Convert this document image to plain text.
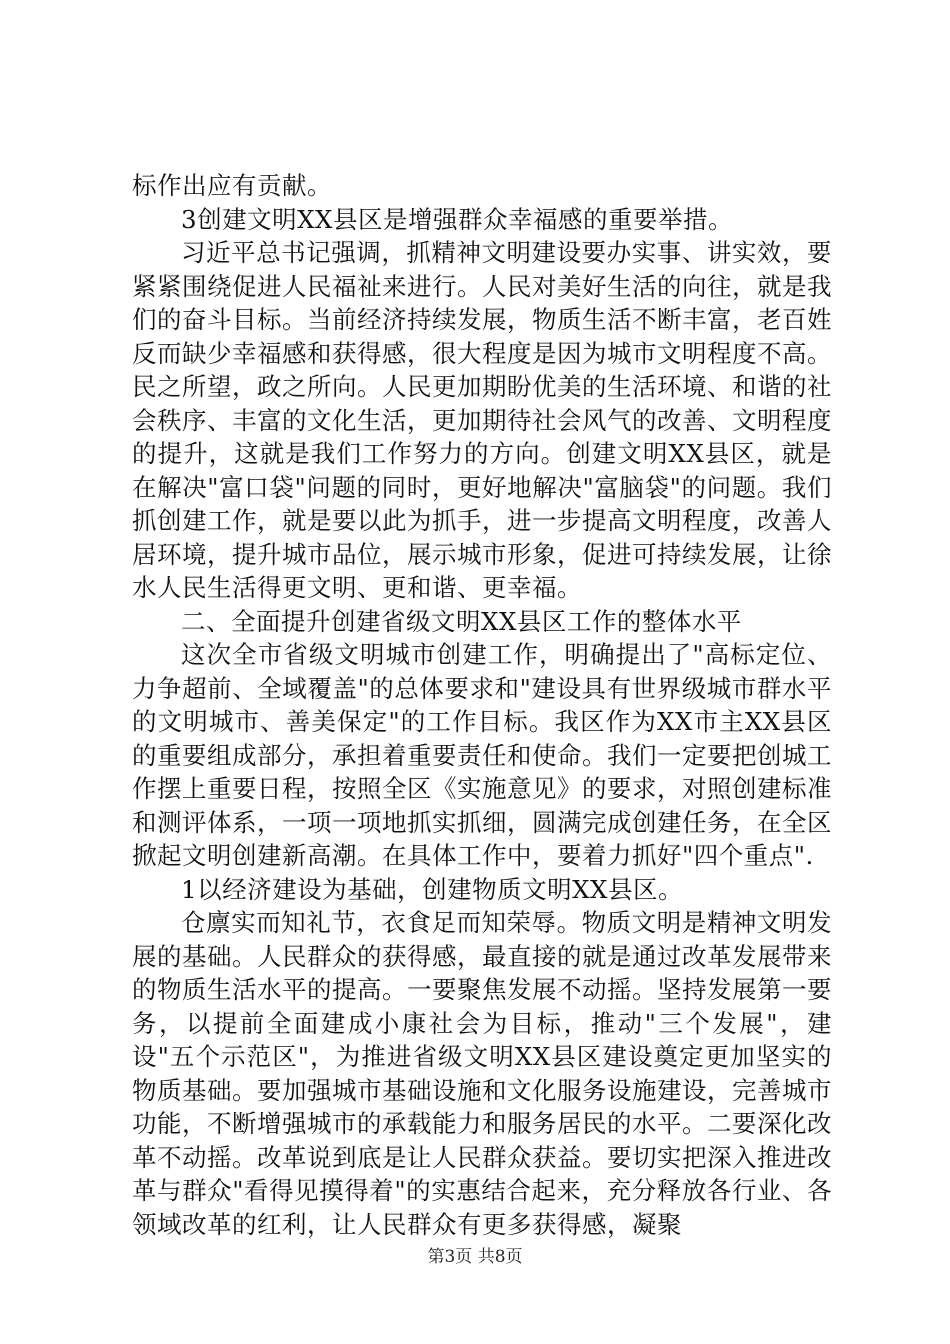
标作出应有贡献。

3创建文明XX县区是增强群众幸福感的重要举措。

习近平总书记强调，抓精神文明建设要办实事、讲实效，要紧紧围绕促进人民福祉来进行。人民对美好生活的向往，就是我们的奋斗目标。当前经济持续发展，物质生活不断丰富，老百姓反而缺少幸福感和获得感，很大程度是因为城市文明程度不高。民之所望，政之所向。人民更加期盼优美的生活环境、和谐的社会秩序、丰富的文化生活，更加期待社会风气的改善、文明程度的提升，这就是我们工作努力的方向。创建文明XX县区，就是在解决"富口袋"问题的同时，更好地解决"富脑袋"的问题。我们抓创建工作，就是要以此为抓手，进一步提高文明程度，改善人居环境，提升城市品位，展示城市形象，促进可持续发展，让徐水人民生活得更文明、更和谐、更幸福。

二、全面提升创建省级文明XX县区工作的整体水平

这次全市省级文明城市创建工作，明确提出了"高标定位、力争超前、全域覆盖"的总体要求和"建设具有世界级城市群水平的文明城市、善美保定"的工作目标。我区作为XX市主XX县区的重要组成部分，承担着重要责任和使命。我们一定要把创城工作摆上重要日程，按照全区《实施意见》的要求，对照创建标准和测评体系，一项一项地抓实抓细，圆满完成创建任务，在全区掀起文明创建新高潮。在具体工作中，要着力抓好"四个重点".

1以经济建设为基础，创建物质文明XX县区。

仓廪实而知礼节，衣食足而知荣辱。物质文明是精神文明发展的基础。人民群众的获得感，最直接的就是通过改革发展带来的物质生活水平的提高。一要聚焦发展不动摇。坚持发展第一要务，以提前全面建成小康社会为目标，推动"三个发展"，建设"五个示范区"，为推进省级文明XX县区建设奠定更加坚实的物质基础。要加强城市基础设施和文化服务设施建设，完善城市功能，不断增强城市的承载能力和服务居民的水平。二要深化改革不动摇。改革说到底是让人民群众获益。要切实把深入推进改革与群众"看得见摸得着"的实惠结合起来，充分释放各行业、各领域改革的红利，让人民群众有更多获得感，凝聚

第3页 共8页
